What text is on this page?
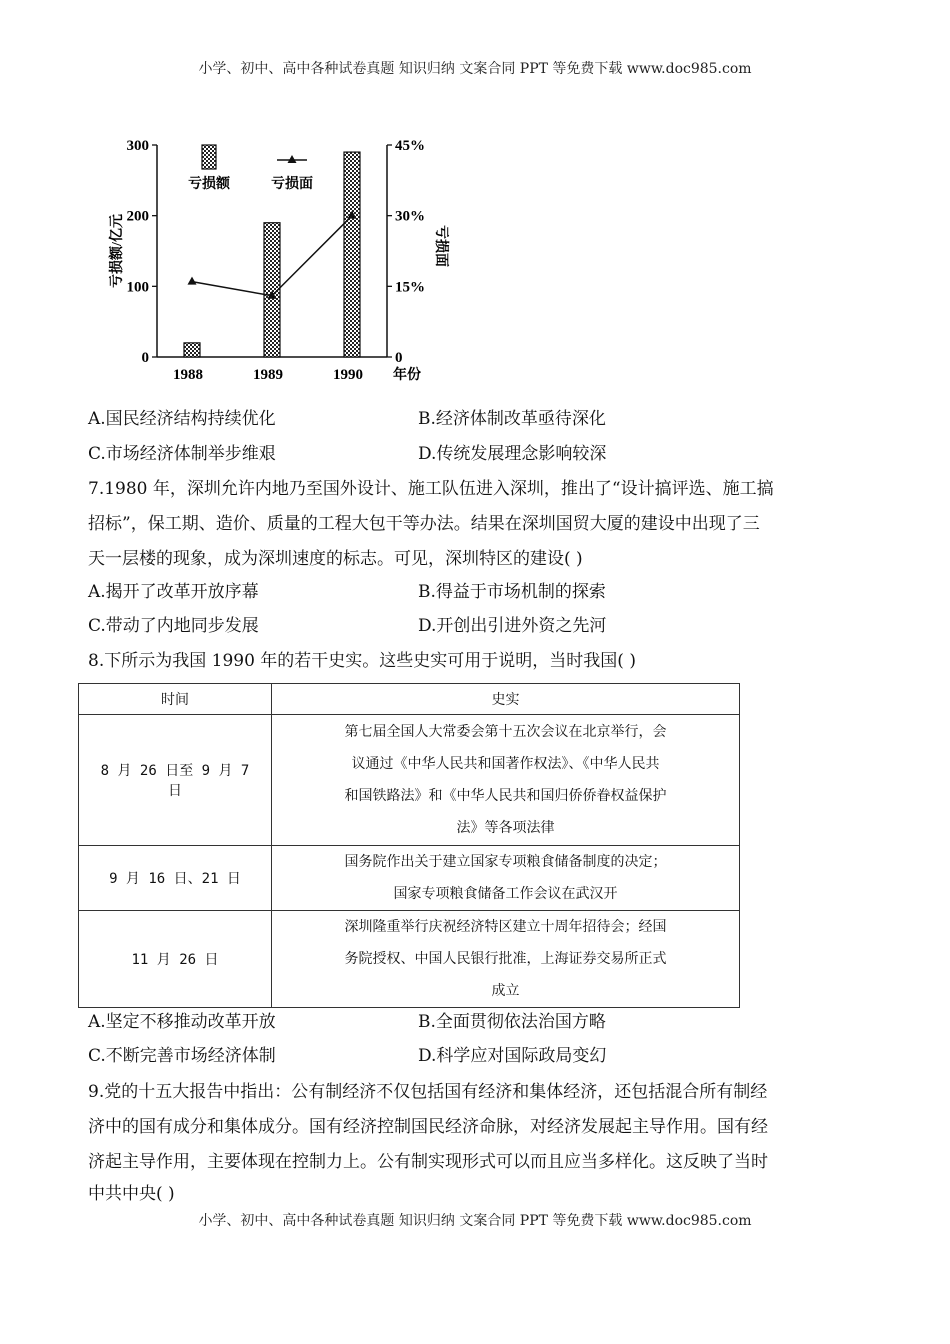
小学、初中、高中各种试卷真题 知识归纳 文案合同 PPT 等免费下载 www.doc985.com
0
100
200
300
0
15%
30%
45%
1988	1989	1990 年份
亏损额/亿元	亏损面
亏损额	亏损面
A.国民经济结构持续优化	B.经济体制改革亟待深化
C.市场经济体制举步维艰	D.传统发展理念影响较深
7.1980 年，深圳允许内地乃至国外设计、施工队伍进入深圳，推出了“设计搞评选、施工搞
招标”，保工期、造价、质量的工程大包干等办法。结果在深圳国贸大厦的建设中出现了三
天一层楼的现象，成为深圳速度的标志。可见，深圳特区的建设( )
A.揭开了改革开放序幕	B.得益于市场机制的探索
C.带动了内地同步发展	D.开创出引进外资之先河
8.下所示为我国 1990 年的若干史实。这些史实可用于说明，当时我国( )
时间	史实
8 月 26 日至 9 月 7 日	第七届全国人大常委会第十五次会议在北京举行，会
议通过《中华人民共和国著作权法》、《中华人民共
和国铁路法》和《中华人民共和国归侨侨眷权益保护
法》等各项法律

9 月 16 日、21 日	国务院作出关于建立国家专项粮食储备制度的决定；
国家专项粮食储备工作会议在武汉开

11 月 26 日	深圳隆重举行庆祝经济特区建立十周年招待会；经国
务院授权、中国人民银行批准，上海证券交易所正式
成立
A.坚定不移推动改革开放	B.全面贯彻依法治国方略
C.不断完善市场经济体制	D.科学应对国际政局变幻
9.党的十五大报告中指出：公有制经济不仅包括国有经济和集体经济，还包括混合所有制经
济中的国有成分和集体成分。国有经济控制国民经济命脉，对经济发展起主导作用。国有经
济起主导作用，主要体现在控制力上。公有制实现形式可以而且应当多样化。这反映了当时
中共中央( )
小学、初中、高中各种试卷真题 知识归纳 文案合同 PPT 等免费下载 www.doc985.com
